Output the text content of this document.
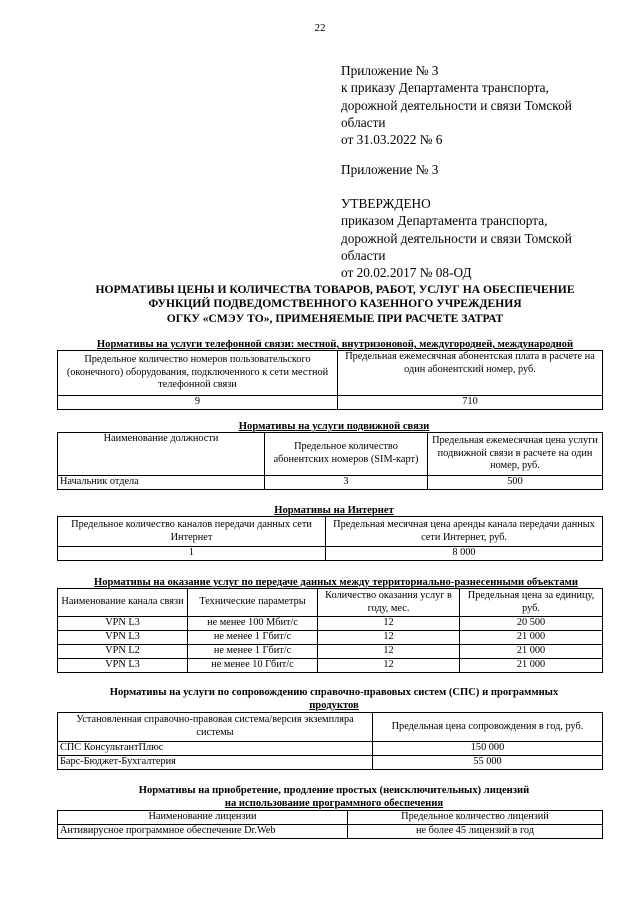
22
Приложение № 3
к приказу Департамента транспорта,
дорожной деятельности и связи Томской
области
от 31.03.2022 № 6
Приложение № 3
УТВЕРЖДЕНО
приказом Департамента транспорта,
дорожной деятельности и связи Томской
области
от 20.02.2017 № 08-ОД
НОРМАТИВЫ ЦЕНЫ И КОЛИЧЕСТВА ТОВАРОВ, РАБОТ, УСЛУГ НА ОБЕСПЕЧЕНИЕ
ФУНКЦИЙ ПОДВЕДОМСТВЕННОГО КАЗЕННОГО УЧРЕЖДЕНИЯ
ОГКУ «СМЭУ ТО», ПРИМЕНЯЕМЫЕ ПРИ РАСЧЕТЕ ЗАТРАТ
Нормативы на услуги телефонной связи: местной, внутризоновой, междугородней, международной
Предельное количество номеров пользовательского (оконечного) оборудования, подключенного к сети местной телефонной связи	Предельная ежемесячная абонентская плата в расчете на один абонентский номер, руб.
9	710
Нормативы на услуги подвижной связи
Наименование должности	Предельное количество абонентских номеров (SIM-карт)	Предельная ежемесячная цена услуги подвижной связи в расчете на один номер, руб.
Начальник отдела	3	500
Нормативы на Интернет
Предельное количество каналов передачи данных сети Интернет	Предельная месячная цена аренды канала передачи данных сети Интернет, руб.
1	8 000
Нормативы на оказание услуг по передаче данных между территориально-разнесенными объектами
Наименование канала связи	Технические параметры	Количество оказания услуг в году, мес.	Предельная цена за единицу, руб.
VPN L3	не менее 100 Мбит/с	12	20 500
VPN L3	не менее 1 Гбит/с	12	21 000
VPN L2	не менее 1 Гбит/с	12	21 000
VPN L3	не менее 10 Гбит/с	12	21 000
Нормативы на услуги по сопровождению справочно-правовых систем (СПС) и программных
продуктов
Установленная справочно-правовая система/версия экземпляра системы	Предельная цена сопровождения в год, руб.
СПС КонсультантПлюс	150 000
Барс-Бюджет-Бухгалтерия	55 000
Нормативы на приобретение, продление простых (неисключительных) лицензий
на использование программного обеспечения
Наименование лицензии	Предельное количество лицензий
Антивирусное программное обеспечение Dr.Web	не более 45 лицензий в год
